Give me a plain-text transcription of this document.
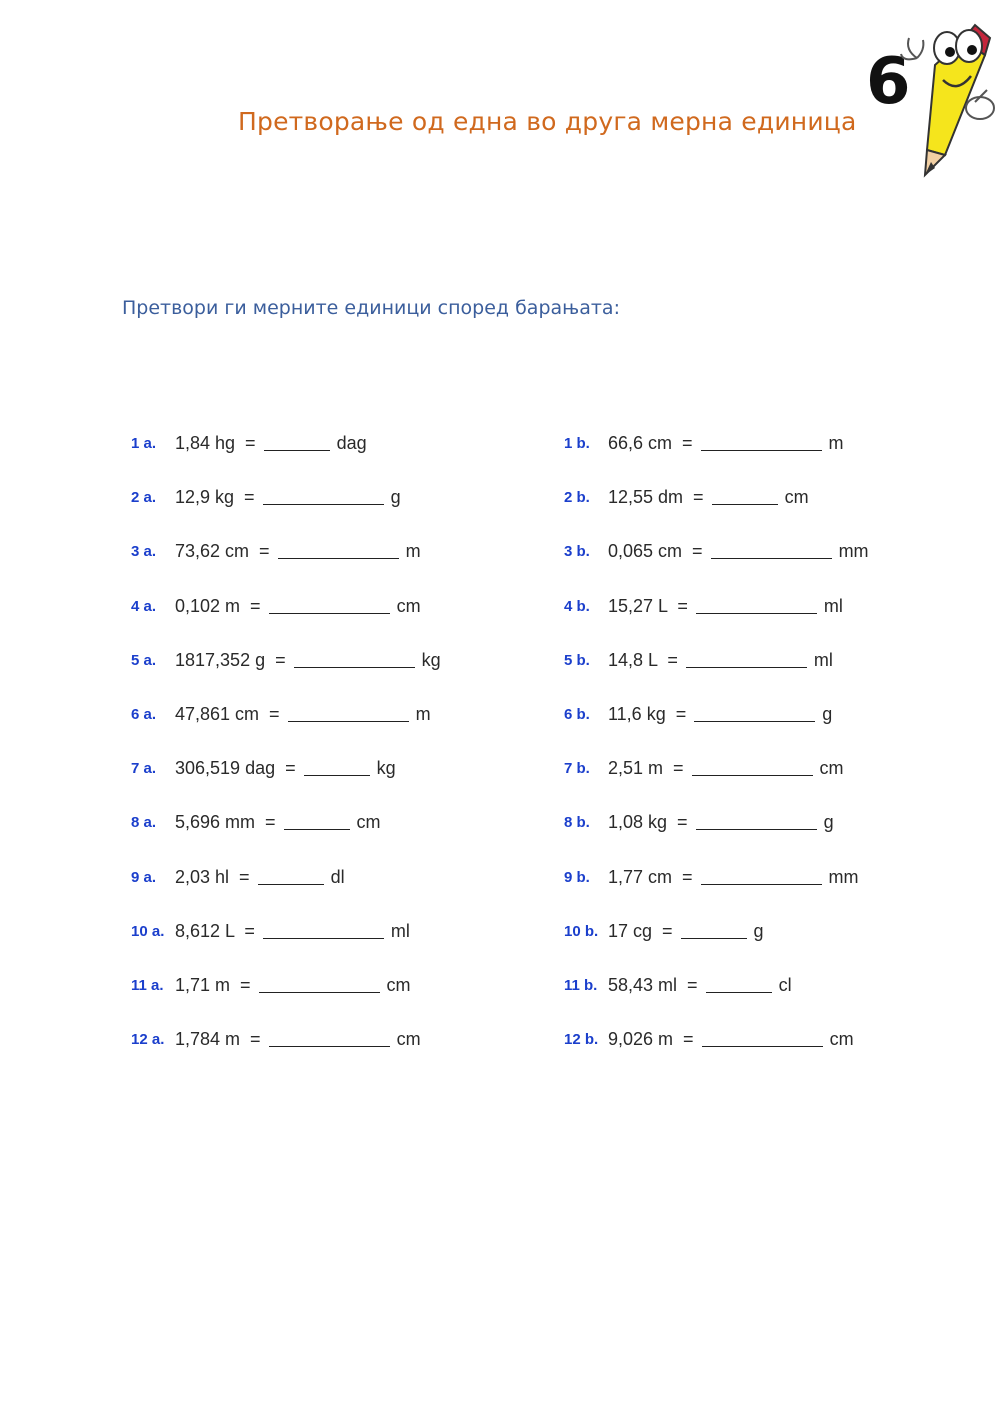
6
Претворање од една во друга мерна единица
Претвори ги мерните единици според барањата:
1 a.	1,84 hg  =	dag
2 a.	12,9 kg  =	g
3 a.	73,62 cm  =	m
4 a.	0,102 m  =	cm
5 a.	1817,352 g  =	kg
6 a.	47,861 cm  =	m
7 a.	306,519 dag  =	kg
8 a.	5,696 mm  =	cm
9 a.	2,03 hl  =	dl
10 a. 8,612 L  =	ml
11 a. 1,71 m  =	cm
12 a. 1,784 m  =	cm
1 b.	66,6 cm  =	m
2 b.	12,55 dm  =	cm
3 b.	0,065 cm  =	mm
4 b.	15,27 L  =	ml
5 b.	14,8 L  =	ml
6 b.	11,6 kg  =	g
7 b.	2,51 m  =	cm
8 b.	1,08 kg  =	g
9 b.	1,77 cm  =	mm
10 b. 17 cg  =	g
11 b. 58,43 ml  =	cl
12 b. 9,026 m  =	cm
